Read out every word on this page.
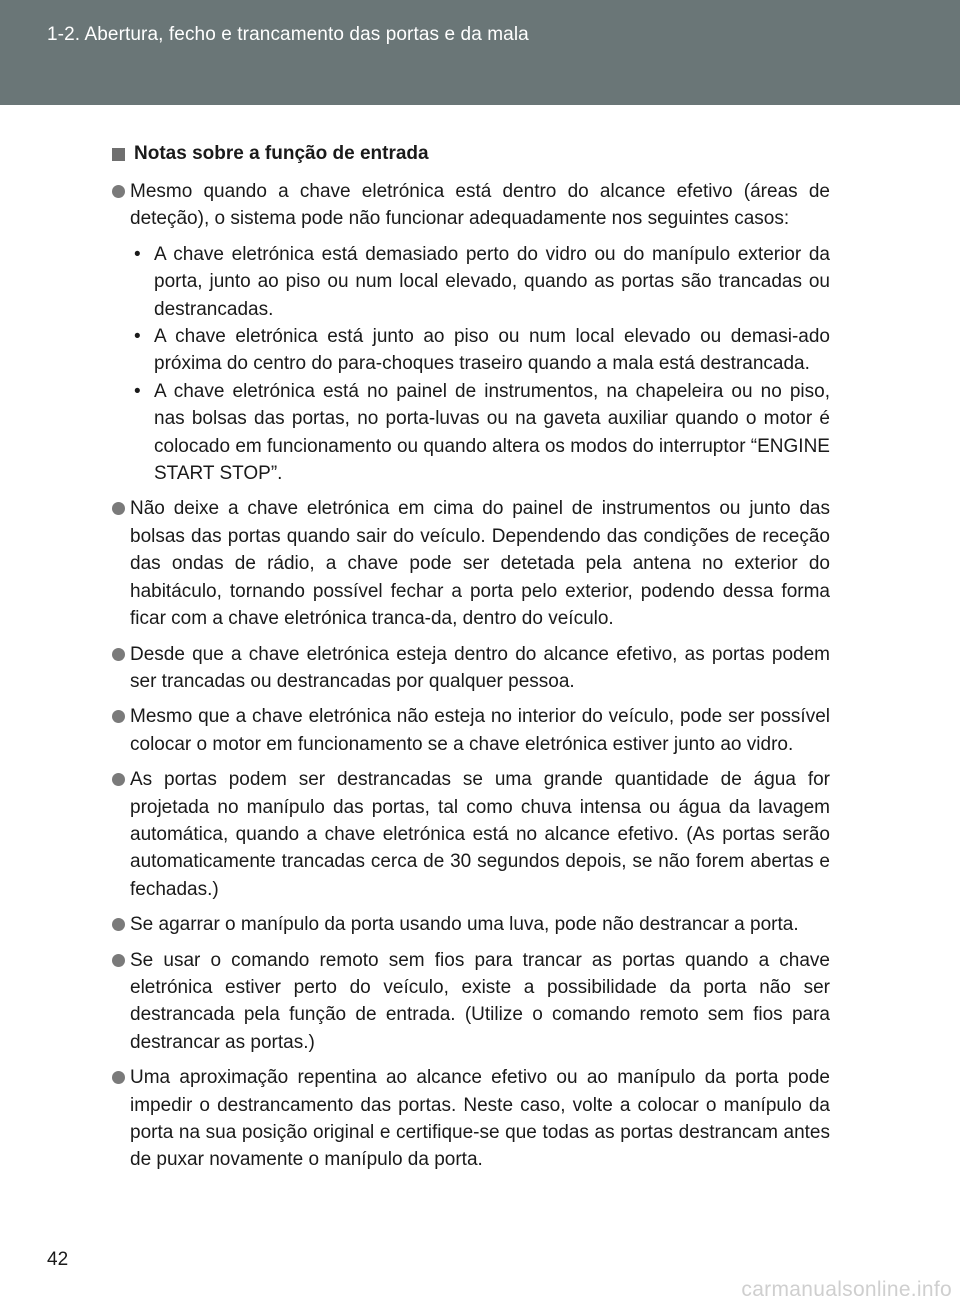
1-2. Abertura, fecho e trancamento das portas e da mala
Notas sobre a função de entrada
Mesmo quando a chave eletrónica está dentro do alcance efetivo (áreas de deteção), o sistema pode não funcionar adequadamente nos seguintes casos:
• A chave eletrónica está demasiado perto do vidro ou do manípulo exterior da porta, junto ao piso ou num local elevado, quando as portas são trancadas ou destrancadas.
• A chave eletrónica está junto ao piso ou num local elevado ou demasi-ado próxima do centro do para-choques traseiro quando a mala está destrancada.
• A chave eletrónica está no painel de instrumentos, na chapeleira ou no piso, nas bolsas das portas, no porta-luvas ou na gaveta auxiliar quando o motor é colocado em funcionamento ou quando altera os modos do interruptor “ENGINE START STOP”.
Não deixe a chave eletrónica em cima do painel de instrumentos ou junto das bolsas das portas quando sair do veículo. Dependendo das condições de receção das ondas de rádio, a chave pode ser detetada pela antena no exterior do habitáculo, tornando possível fechar a porta pelo exterior, podendo dessa forma ficar com a chave eletrónica tranca-da, dentro do veículo.
Desde que a chave eletrónica esteja dentro do alcance efetivo, as portas podem ser trancadas ou destrancadas por qualquer pessoa.
Mesmo que a chave eletrónica não esteja no interior do veículo, pode ser possível colocar o motor em funcionamento se a chave eletrónica estiver junto ao vidro.
As portas podem ser destrancadas se uma grande quantidade de água for projetada no manípulo das portas, tal como chuva intensa ou água da lavagem automática, quando a chave eletrónica está no alcance efetivo. (As portas serão automaticamente trancadas cerca de 30 segundos depois, se não forem abertas e fechadas.)
Se agarrar o manípulo da porta usando uma luva, pode não destrancar a porta.
Se usar o comando remoto sem fios para trancar as portas quando a chave eletrónica estiver perto do veículo, existe a possibilidade da porta não ser destrancada pela função de entrada. (Utilize o comando remoto sem fios para destrancar as portas.)
Uma aproximação repentina ao alcance efetivo ou ao manípulo da porta pode impedir o destrancamento das portas. Neste caso, volte a colocar o manípulo da porta na sua posição original e certifique-se que todas as portas destrancam antes de puxar novamente o manípulo da porta.
42
carmanualsonline.info
